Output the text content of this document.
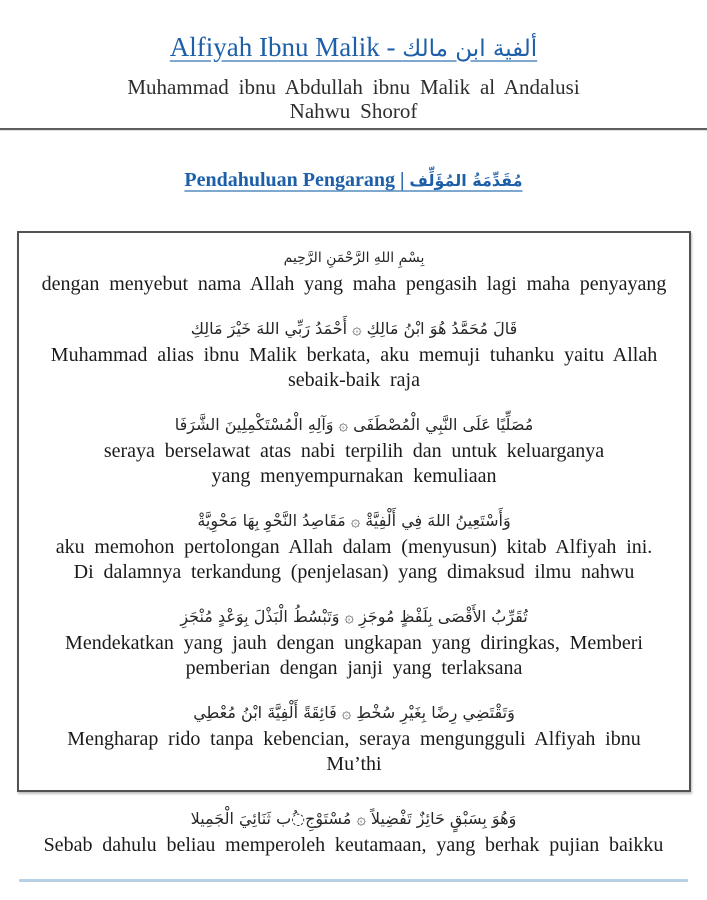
Alfiyah Ibnu Malik - ألفية ابن مالك
Muhammad ibnu Abdullah ibnu Malik al Andalusi
Nahwu Shorof
Pendahuluan Pengarang | مُقَدِّمَةُ المُؤَلِّف
بِسْمِ اللهِ الرَّحْمَنِ الرَّحِيم
dengan menyebut nama Allah yang maha pengasih lagi maha penyayang
قَالَ مُحَمَّدُ هُوَ ابْنُ مَالِكِ ۞ أَحْمَدُ رَبِّي اللهَ خَيْرَ مَالِكِ
Muhammad alias ibnu Malik berkata, aku memuji tuhanku yaitu Allah
sebaik-baik raja
مُصَلِّيًا عَلَى النَّبِي الْمُصْطَفَى ۞ وَآلِهِ الْمُسْتَكْمِلِينَ الشَّرَفَا
seraya berselawat atas nabi terpilih dan untuk keluarganya
yang menyempurnakan kemuliaan
وَأَسْتَعِينُ اللهَ فِي أَلْفِيَّةْ ۞ مَقَاصِدُ النَّحْوِ بِهَا مَحْوِيَّةْ
aku memohon pertolongan Allah dalam (menyusun) kitab Alfiyah ini.
Di dalamnya terkandung (penjelasan) yang dimaksud ilmu nahwu
تُقَرِّبُ الأَقْصَى بِلَفْظٍ مُوجَزِ ۞ وَتَبْسُطُ الْبَذْلَ بِوَعْدٍ مُنْجَزِ
Mendekatkan yang jauh dengan ungkapan yang diringkas, Memberi
pemberian dengan janji yang terlaksana
وَتَقْتَضِي رِضًا بِغَيْرِ سُخْطِ ۞ فَائِقَةً أَلْفِيَّةَ ابْنُ مُعْطِي
Mengharap rido tanpa kebencian, seraya mengungguli Alfiyah ibnu
Mu’thi
وَهُوَ بِسَبْقٍ حَائِزٌ تَفْضِيلاً ۞ مُسْتَوْجِ◌ُب ثَنَائِيَ الْجَمِيلا
Sebab dahulu beliau memperoleh keutamaan, yang berhak pujian baikku
